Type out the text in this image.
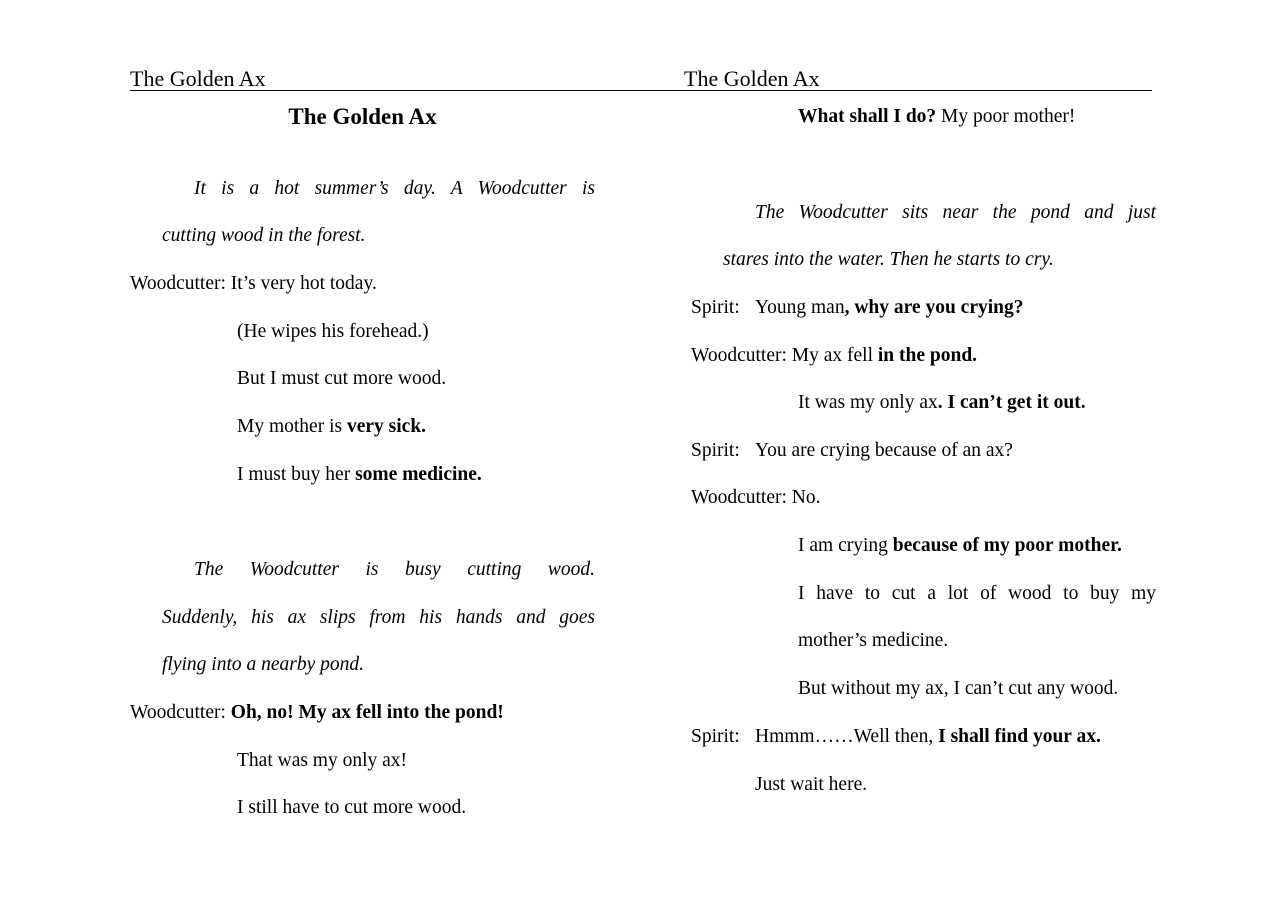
The Golden Ax	The Golden Ax
The Golden Ax
It is a hot summer’s day. A Woodcutter is
cutting wood in the forest.
Woodcutter: It’s very hot today.
(He wipes his forehead.)
But I must cut more wood.
My mother is very sick.
I must buy her some medicine.
The Woodcutter is busy cutting wood.
Suddenly, his ax slips from his hands and goes
flying into a nearby pond.
Woodcutter: Oh, no! My ax fell into the pond!
That was my only ax!
I still have to cut more wood.
What shall I do? My poor mother!
The Woodcutter sits near the pond and just
stares into the water. Then he starts to cry.
Spirit: Young man, why are you crying?
Woodcutter: My ax fell in the pond.
It was my only ax. I can’t get it out.
Spirit: You are crying because of an ax?
Woodcutter: No.
I am crying because of my poor mother.
I have to cut a lot of wood to buy my
mother’s medicine.
But without my ax, I can’t cut any wood.
Spirit: Hmmm……Well then, I shall find your ax.
Just wait here.
